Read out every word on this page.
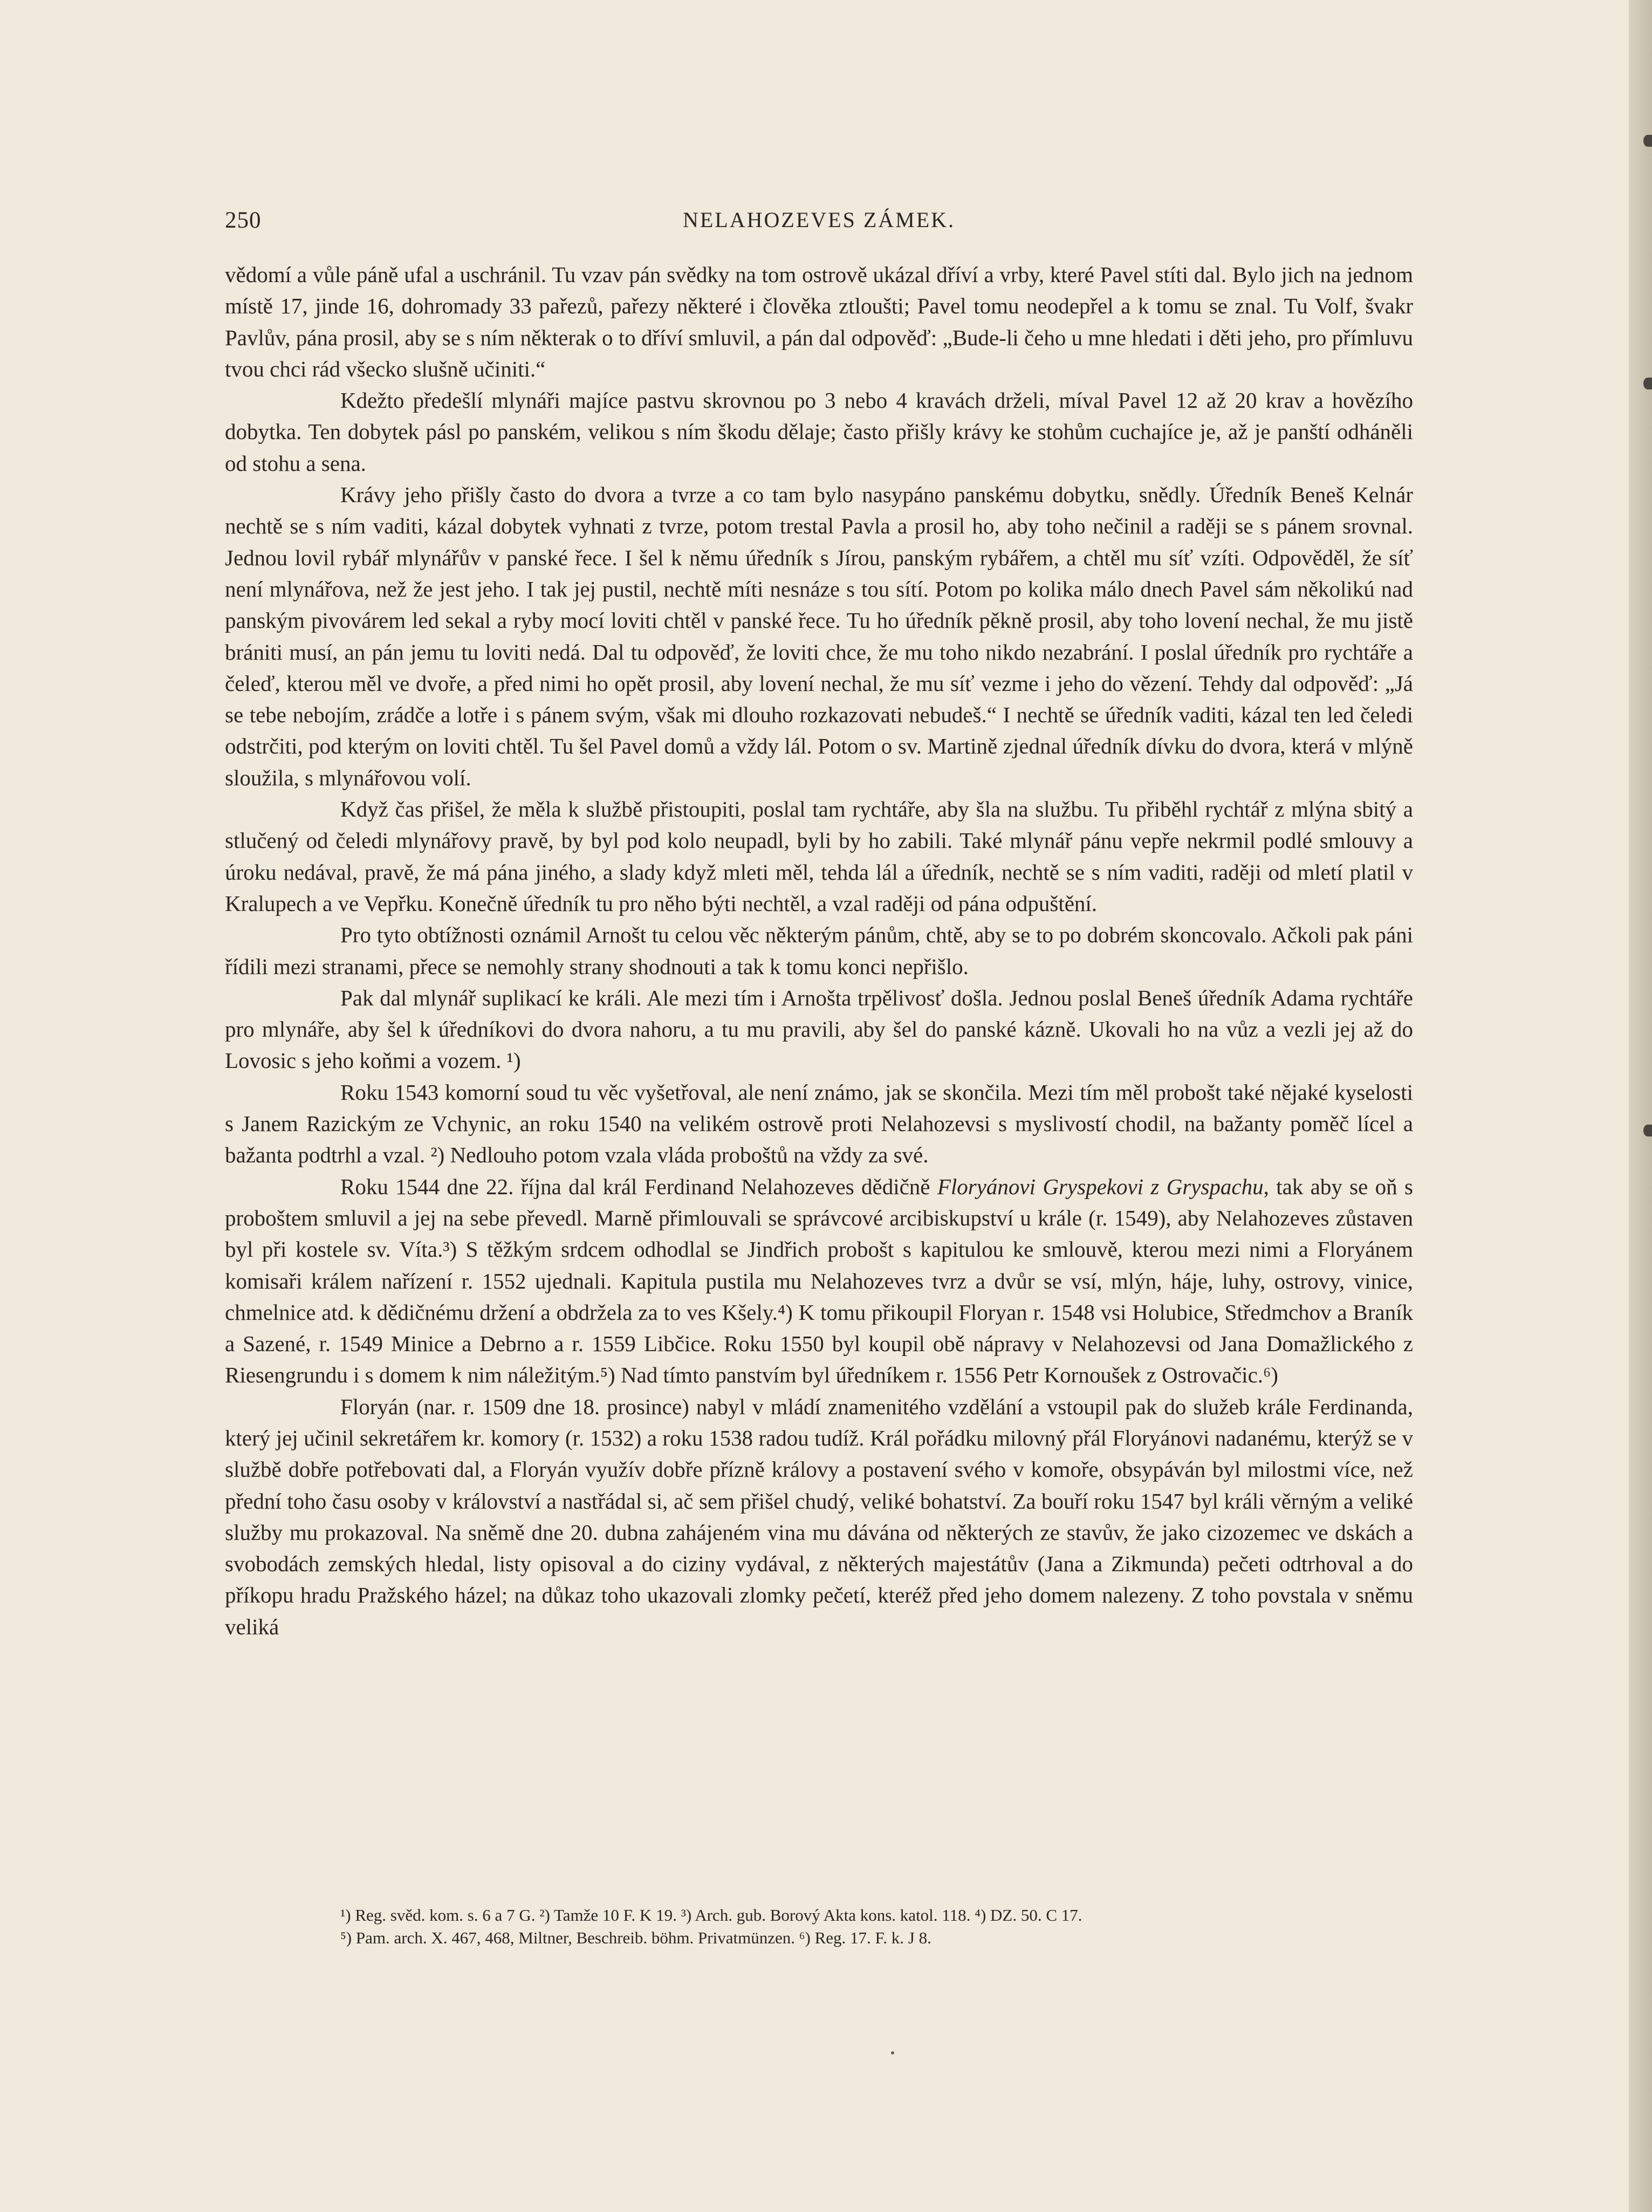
250	NELAHOZEVES ZÁMEK.

vědomí a vůle páně ufal a uschránil. Tu vzav pán svědky na tom ostrově ukázal dříví a vrby, které Pavel stíti dal. Bylo jich na jednom místě 17, jinde 16, dohromady 33 pařezů, pařezy některé i člověka ztloušti; Pavel tomu neodepřel a k tomu se znal. Tu Volf, švakr Pavlův, pána prosil, aby se s ním některak o to dříví smluvil, a pán dal odpověď: „Bude-li čeho u mne hledati i děti jeho, pro přímluvu tvou chci rád všecko slušně učiniti.“

Kdežto předešlí mlynáři majíce pastvu skrovnou po 3 nebo 4 kravách drželi, míval Pavel 12 až 20 krav a hovězího dobytka. Ten dobytek pásl po panském, velikou s ním škodu dělaje; často přišly krávy ke stohům cuchajíce je, až je panští odháněli od stohu a sena.

Krávy jeho přišly často do dvora a tvrze a co tam bylo nasypáno panskému dobytku, snědly. Úředník Beneš Kelnár nechtě se s ním vaditi, kázal dobytek vyhnati z tvrze, potom trestal Pavla a prosil ho, aby toho nečinil a raději se s pánem srovnal. Jednou lovil rybář mlynářův v panské řece. I šel k němu úředník s Jírou, panským rybářem, a chtěl mu síť vzíti. Odpověděl, že síť není mlynářova, než že jest jeho. I tak jej pustil, nechtě míti nesnáze s tou sítí. Potom po kolika málo dnech Pavel sám několikú nad panským pivovárem led sekal a ryby mocí loviti chtěl v panské řece. Tu ho úředník pěkně prosil, aby toho lovení nechal, že mu jistě brániti musí, an pán jemu tu loviti nedá. Dal tu odpověď, že loviti chce, že mu toho nikdo nezabrání. I poslal úředník pro rychtáře a čeleď, kterou měl ve dvoře, a před nimi ho opět prosil, aby lovení nechal, že mu síť vezme i jeho do vězení. Tehdy dal odpověď: „Já se tebe nebojím, zrádče a lotře i s pánem svým, však mi dlouho rozkazovati nebudeš.“ I nechtě se úředník vaditi, kázal ten led čeledi odstrčiti, pod kterým on loviti chtěl. Tu šel Pavel domů a vždy lál. Potom o sv. Martině zjednal úředník dívku do dvora, která v mlýně sloužila, s mlynářovou volí.

Když čas přišel, že měla k službě přistoupiti, poslal tam rychtáře, aby šla na službu. Tu přiběhl rychtář z mlýna sbitý a stlučený od čeledi mlynářovy pravě, by byl pod kolo neupadl, byli by ho zabili. Také mlynář pánu vepře nekrmil podlé smlouvy a úroku nedával, pravě, že má pána jiného, a slady když mleti měl, tehda lál a úředník, nechtě se s ním vaditi, raději od mletí platil v Kralupech a ve Vepřku. Konečně úředník tu pro něho býti nechtěl, a vzal raději od pána odpuštění.

Pro tyto obtížnosti oznámil Arnošt tu celou věc některým pánům, chtě, aby se to po dobrém skoncovalo. Ačkoli pak páni řídili mezi stranami, přece se nemohly strany shodnouti a tak k tomu konci nepřišlo.

Pak dal mlynář suplikací ke králi. Ale mezi tím i Arnošta trpělivosť došla. Jednou poslal Beneš úředník Adama rychtáře pro mlynáře, aby šel k úředníkovi do dvora nahoru, a tu mu pravili, aby šel do panské kázně. Ukovali ho na vůz a vezli jej až do Lovosic s jeho koňmi a vozem. ¹)

Roku 1543 komorní soud tu věc vyšetřoval, ale není známo, jak se skončila. Mezi tím měl probošt také nějaké kyselosti s Janem Razickým ze Vchynic, an roku 1540 na velikém ostrově proti Nelahozevsi s myslivostí chodil, na bažanty poměč lícel a bažanta podtrhl a vzal. ²) Nedlouho potom vzala vláda proboštů na vždy za své.

Roku 1544 dne 22. října dal král Ferdinand Nelahozeves dědičně Floryánovi Gryspekovi z Gryspachu, tak aby se oň s proboštem smluvil a jej na sebe převedl. Marně přimlouvali se správcové arcibiskupství u krále (r. 1549), aby Nelahozeves zůstaven byl při kostele sv. Víta.³) S těžkým srdcem odhodlal se Jindřich probošt s kapitulou ke smlouvě, kterou mezi nimi a Floryánem komisaři králem nařízení r. 1552 ujednali. Kapitula pustila mu Nelahozeves tvrz a dvůr se vsí, mlýn, háje, luhy, ostrovy, vinice, chmelnice atd. k dědičnému držení a obdržela za to ves Kšely.⁴) K tomu přikoupil Floryan r. 1548 vsi Holubice, Středmchov a Braník a Sazené, r. 1549 Minice a Debrno a r. 1559 Libčice. Roku 1550 byl koupil obě nápravy v Nelahozevsi od Jana Domažlického z Riesengrundu i s domem k nim náležitým.⁵) Nad tímto panstvím byl úředníkem r. 1556 Petr Kornoušek z Ostrovačic.⁶)

Floryán (nar. r. 1509 dne 18. prosince) nabyl v mládí znamenitého vzdělání a vstoupil pak do služeb krále Ferdinanda, který jej učinil sekretářem kr. komory (r. 1532) a roku 1538 radou tudíž. Král pořádku milovný přál Floryánovi nadanému, kterýž se v službě dobře potřebovati dal, a Floryán využív dobře přízně královy a postavení svého v komoře, obsypáván byl milostmi více, než přední toho času osoby v království a nastřádal si, ač sem přišel chudý, veliké bohatství. Za bouří roku 1547 byl králi věrným a veliké služby mu prokazoval. Na sněmě dne 20. dubna zahájeném vina mu dávána od některých ze stavův, že jako cizozemec ve dskách a svobodách zemských hledal, listy opisoval a do ciziny vydával, z některých majestátův (Jana a Zikmunda) pečeti odtrhoval a do příkopu hradu Pražského házel; na důkaz toho ukazovali zlomky pečetí, kteréž před jeho domem nalezeny. Z toho povstala v sněmu veliká

¹) Reg. svěd. kom. s. 6 a 7 G. ²) Tamže 10 F. K 19. ³) Arch. gub. Borový Akta kons. katol. 118. ⁴) DZ. 50. C 17.

⁵) Pam. arch. X. 467, 468, Miltner, Beschreib. böhm. Privatmünzen. ⁶) Reg. 17. F. k. J 8.
